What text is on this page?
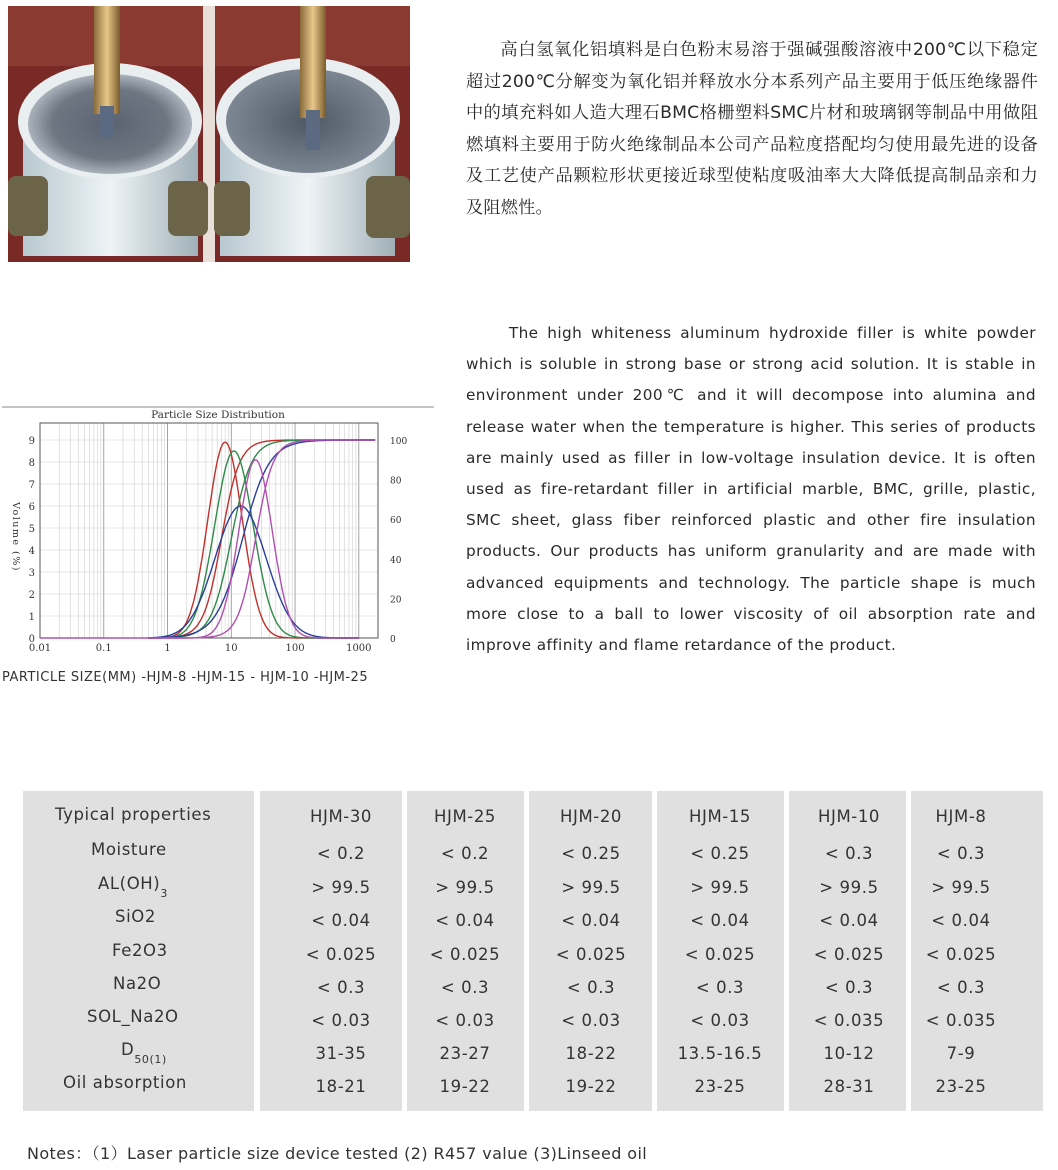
高白氢氧化铝填料是白色粉末易溶于强碱强酸溶液中200℃以下稳定超过200℃分解变为氧化铝并释放水分本系列产品主要用于低压绝缘器件中的填充料如人造大理石BMC格栅塑料SMC片材和玻璃钢等制品中用做阻燃填料主要用于防火绝缘制品本公司产品粒度搭配均匀使用最先进的设备及工艺使产品颗粒形状更接近球型使粘度吸油率大大降低提高制品亲和力及阻燃性。
The high whiteness aluminum hydroxide filler is white powder which is soluble in strong base or strong acid solution. It is stable in environment under 200℃ and it will decompose into alumina and release water when the temperature is higher. This series of products are mainly used as filler in low-voltage insulation device. It is often used as fire-retardant filler in artificial marble, BMC, grille, plastic, SMC sheet, glass fiber reinforced plastic and other fire insulation products. Our products has uniform granularity and are made with advanced equipments and technology. The particle shape is much more close to a ball to lower viscosity of oil absorption rate and improve affinity and flame retardance of the product.
Particle Size Distribution
Volume (%)
0
1
2
3
4
5
6
7
8
9
0
20
40
60
80
100
0.01	0.1	1	10	100	1000
PARTICLE SIZE(MM) -HJM-8 -HJM-15 - HJM-10 -HJM-25
Typical properties	HJM-30	HJM-25	HJM-20	HJM-15	HJM-10	HJM-8
Moisture	< 0.2	< 0.2	< 0.25	< 0.25	< 0.3	< 0.3
$AL(OH)_3$	> 99.5	> 99.5	> 99.5	> 99.5	> 99.5	> 99.5
SiO2	< 0.04	< 0.04	< 0.04	< 0.04	< 0.04	< 0.04
Fe2O3	< 0.025	< 0.025	< 0.025	< 0.025	< 0.025	< 0.025
Na2O	< 0.3	< 0.3	< 0.3	< 0.3	< 0.3	< 0.3
SOL_Na2O	< 0.03	< 0.03	< 0.03	< 0.03	< 0.035	< 0.035
$D_{50(1)}$	31-35	23-27	18-22	13.5-16.5	10-12	7-9
Oil absorption	18-21	19-22	19-22	23-25	28-31	23-25
Notes：（1）Laser particle size device tested (2) R457 value (3)Linseed oil
